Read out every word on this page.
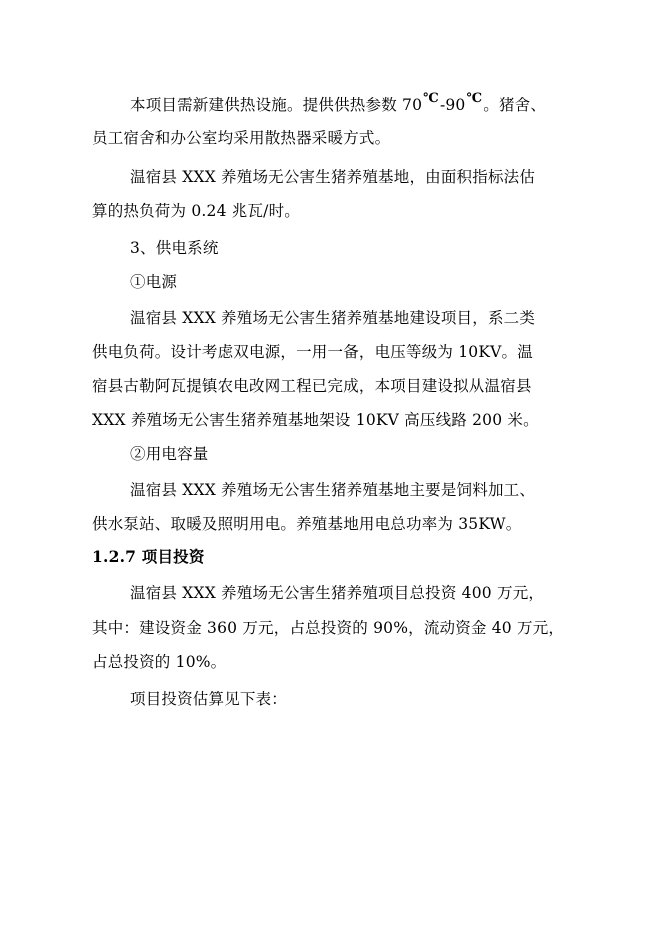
本项目需新建供热设施。提供供热参数 70℃-90℃。猪舍、
员工宿舍和办公室均采用散热器采暖方式。
温宿县 XXX 养殖场无公害生猪养殖基地，由面积指标法估
算的热负荷为 0.24 兆瓦/时。
3、供电系统
①电源
温宿县 XXX 养殖场无公害生猪养殖基地建设项目，系二类
供电负荷。设计考虑双电源，一用一备，电压等级为 10KV。温
宿县古勒阿瓦提镇农电改网工程已完成，本项目建设拟从温宿县
XXX 养殖场无公害生猪养殖基地架设 10KV 高压线路 200 米。
②用电容量
温宿县 XXX 养殖场无公害生猪养殖基地主要是饲料加工、
供水泵站、取暖及照明用电。养殖基地用电总功率为 35KW。
1.2.7 项目投资
温宿县 XXX 养殖场无公害生猪养殖项目总投资 400 万元，
其中：建设资金 360 万元，占总投资的 90%，流动资金 40 万元，
占总投资的 10%。
项目投资估算见下表：
